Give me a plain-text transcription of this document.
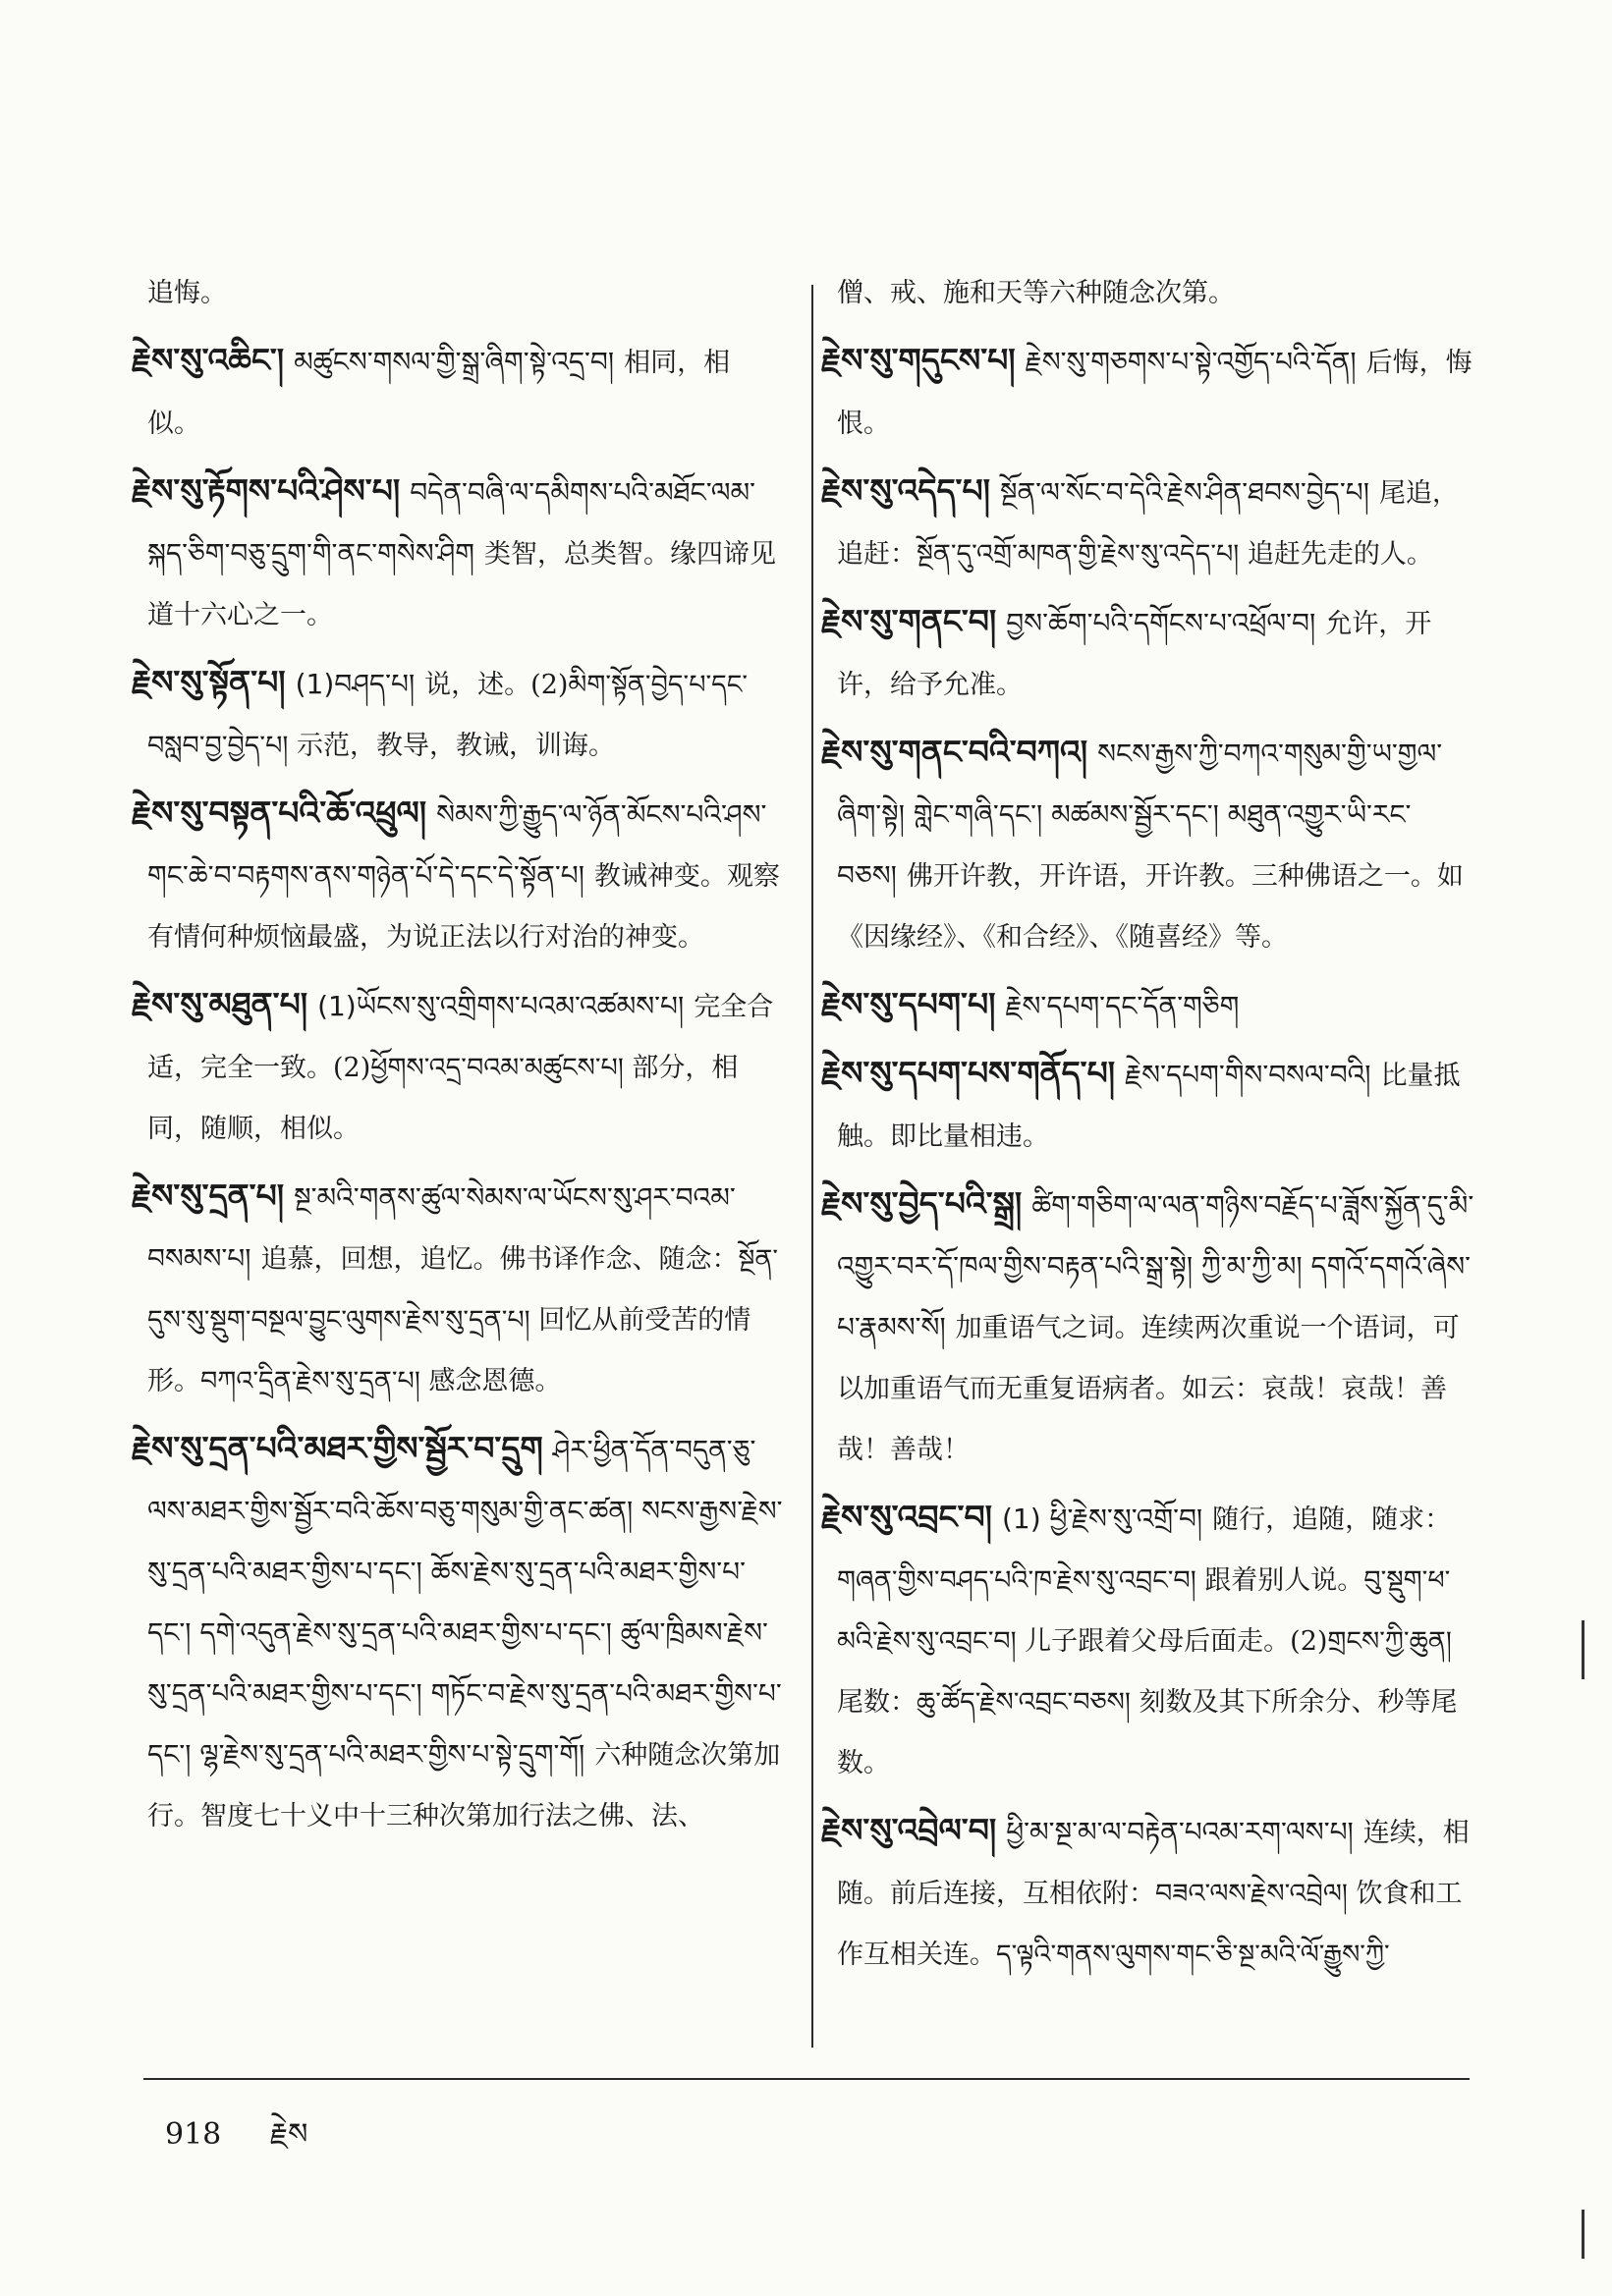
追悔。
རྗེས་སུ་འཆིང་། མཚུངས་གསལ་གྱི་སྒྲ་ཞིག་སྟེ་འདྲ་བ། 相同，相似。
རྗེས་སུ་རྟོགས་པའི་ཤེས་པ། བདེན་བཞི་ལ་དམིགས་པའི་མཐོང་ལམ་སྐད་ཅིག་བཅུ་དྲུག་གི་ནང་གསེས་ཤིག 类智，总类智。缘四谛见道十六心之一。
རྗེས་སུ་སྟོན་པ། (1)བཤད་པ། 说，述。(2)མིག་སྟོན་བྱེད་པ་དང་བསླབ་བྱ་བྱེད་པ། 示范，教导，教诫，训诲。
རྗེས་སུ་བསྟན་པའི་ཆོ་འཕྲུལ། སེམས་ཀྱི་རྒྱུད་ལ་ཉོན་མོངས་པའི་ཤས་གང་ཆེ་བ་བརྟགས་ནས་གཉེན་པོ་དེ་དང་དེ་སྟོན་པ། 教诫神变。观察有情何种烦恼最盛，为说正法以行对治的神变。
རྗེས་སུ་མཐུན་པ། (1)ཡོངས་སུ་འགྲིགས་པའམ་འཚམས་པ། 完全合适，完全一致。(2)ཕྱོགས་འདྲ་བའམ་མཚུངས་པ། 部分，相同，随顺，相似。
རྗེས་སུ་དྲན་པ། སྔ་མའི་གནས་ཚུལ་སེམས་ལ་ཡོངས་སུ་ཤར་བའམ་བསམས་པ། 追慕，回想，追忆。佛书译作念、随念：སྔོན་དུས་སུ་སྡུག་བསྔལ་བྱུང་ལུགས་རྗེས་སུ་དྲན་པ། 回忆从前受苦的情形。བཀའ་དྲིན་རྗེས་སུ་དྲན་པ། 感念恩德。
རྗེས་སུ་དྲན་པའི་མཐར་གྱིས་སྦྱོར་བ་དྲུག ཤེར་ཕྱིན་དོན་བདུན་ཅུ་ལས་མཐར་གྱིས་སྦྱོར་བའི་ཆོས་བཅུ་གསུམ་གྱི་ནང་ཚན། སངས་རྒྱས་རྗེས་སུ་དྲན་པའི་མཐར་གྱིས་པ་དང་། ཆོས་རྗེས་སུ་དྲན་པའི་མཐར་གྱིས་པ་དང་། དགེ་འདུན་རྗེས་སུ་དྲན་པའི་མཐར་གྱིས་པ་དང་། ཚུལ་ཁྲིམས་རྗེས་སུ་དྲན་པའི་མཐར་གྱིས་པ་དང་། གཏོང་བ་རྗེས་སུ་དྲན་པའི་མཐར་གྱིས་པ་དང་། ལྷ་རྗེས་སུ་དྲན་པའི་མཐར་གྱིས་པ་སྟེ་དྲུག་གོ། 六种随念次第加行。智度七十义中十三种次第加行法之佛、法、
僧、戒、施和天等六种随念次第。
རྗེས་སུ་གདུངས་པ། རྗེས་སུ་གཅགས་པ་སྟེ་འགྱོད་པའི་དོན། 后悔，悔恨。
རྗེས་སུ་འདེད་པ། སྔོན་ལ་སོང་བ་དེའི་རྗེས་ཤིན་ཐབས་བྱེད་པ། 尾追，追赶：སྔོན་དུ་འགྲོ་མཁན་གྱི་རྗེས་སུ་འདེད་པ། 追赶先走的人。
རྗེས་སུ་གནང་བ། བྱས་ཆོག་པའི་དགོངས་པ་འཕྲོལ་བ། 允许，开许，给予允准。
རྗེས་སུ་གནང་བའི་བཀའ། སངས་རྒྱས་ཀྱི་བཀའ་གསུམ་གྱི་ཡ་གྱལ་ཞིག་སྟེ། གླེང་གཞི་དང་། མཚམས་སྦྱོར་དང་། མཐུན་འགྱུར་ཡི་རང་བཅས། 佛开许教，开许语，开许教。三种佛语之一。如《因缘经》、《和合经》、《随喜经》等。
རྗེས་སུ་དཔག་པ། རྗེས་དཔག་དང་དོན་གཅིག
རྗེས་སུ་དཔག་པས་གནོད་པ། རྗེས་དཔག་གིས་བསལ་བའི། 比量抵触。即比量相违。
རྗེས་སུ་བྱེད་པའི་སྒྲ། ཚིག་གཅིག་ལ་ལན་གཉིས་བརྗོད་པ་ཟློས་སྐྱོན་དུ་མི་འགྱུར་བར་དོ་ཁལ་གྱིས་བརྟན་པའི་སྒྲ་སྟེ། ཀྱི་མ་ཀྱི་མ། དགའོ་དགའོ་ཞེས་པ་རྣམས་སོ། 加重语气之词。连续两次重说一个语词，可以加重语气而无重复语病者。如云：哀哉！哀哉！善哉！善哉！
རྗེས་སུ་འབྲང་བ། (1) ཕྱི་རྗེས་སུ་འགྲོ་བ། 随行，追随，随求：གཞན་གྱིས་བཤད་པའི་ཁ་རྗེས་སུ་འབྲང་བ། 跟着别人说。བུ་སྡུག་ཕ་མའི་རྗེས་སུ་འབྲང་བ། 儿子跟着父母后面走。(2)གྲངས་ཀྱི་ཆུན། 尾数：ཆུ་ཚོད་རྗེས་འབྲང་བཅས། 刻数及其下所余分、秒等尾数。
རྗེས་སུ་འབྲེལ་བ། ཕྱི་མ་སྔ་མ་ལ་བརྟེན་པའམ་རག་ལས་པ། 连续，相随。前后连接，互相依附：བཟའ་ལས་རྗེས་འབྲེལ། 饮食和工作互相关连。ད་ལྟའི་གནས་ལུགས་གང་ཅི་སྔ་མའི་ལོ་རྒྱུས་ཀྱི་
918 རྗེས
